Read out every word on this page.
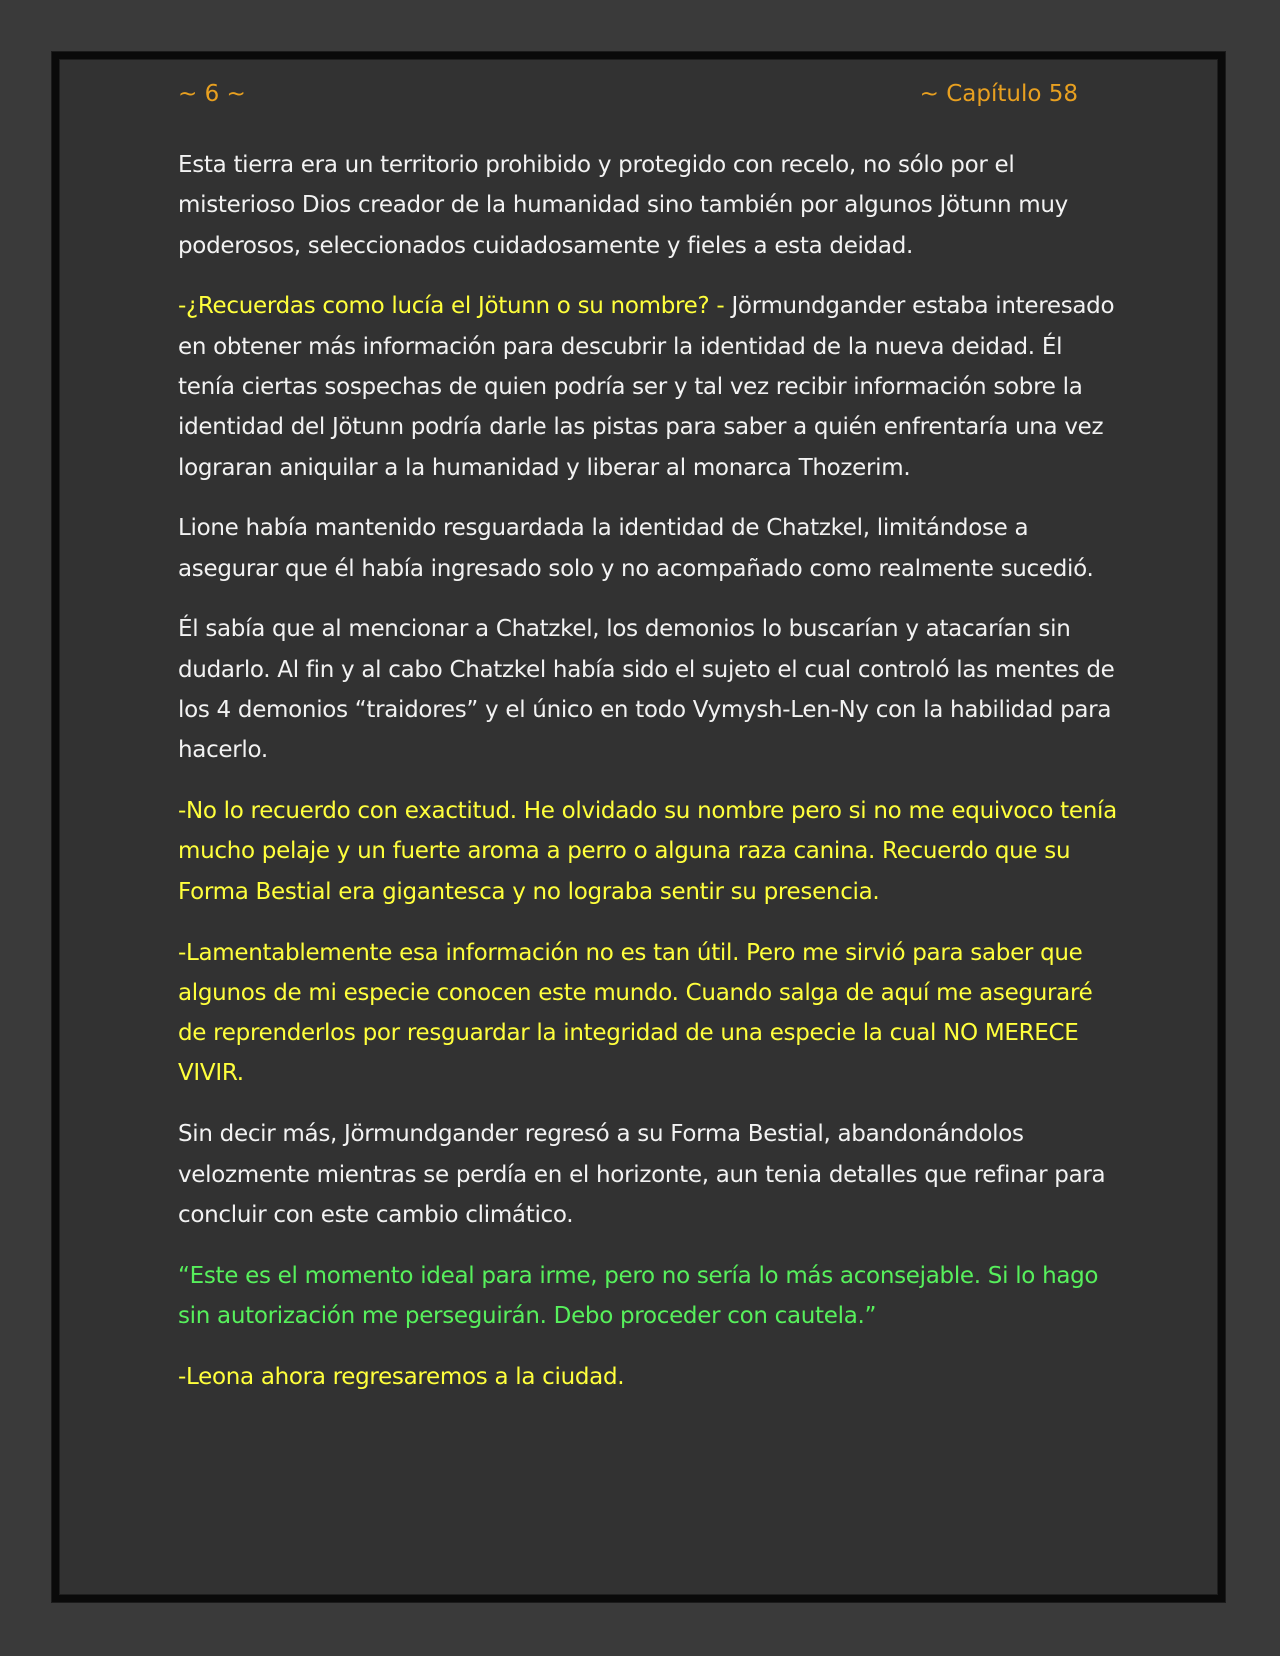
~ 6 ~	~ Capítulo 58

Esta tierra era un territorio prohibido y protegido con recelo, no sólo por el misterioso Dios creador de la humanidad sino también por algunos Jötunn muy poderosos, seleccionados cuidadosamente y fieles a esta deidad.

-¿Recuerdas como lucía el Jötunn o su nombre? - Jörmundgander estaba interesado en obtener más información para descubrir la identidad de la nueva deidad. Él tenía ciertas sospechas de quien podría ser y tal vez recibir información sobre la identidad del Jötunn podría darle las pistas para saber a quién enfrentaría una vez lograran aniquilar a la humanidad y liberar al monarca Thozerim.

Lione había mantenido resguardada la identidad de Chatzkel, limitándose a asegurar que él había ingresado solo y no acompañado como realmente sucedió.

Él sabía que al mencionar a Chatzkel, los demonios lo buscarían y atacarían sin dudarlo. Al fin y al cabo Chatzkel había sido el sujeto el cual controló las mentes de los 4 demonios “traidores” y el único en todo Vymysh-Len-Ny con la habilidad para hacerlo.

-No lo recuerdo con exactitud. He olvidado su nombre pero si no me equivoco tenía mucho pelaje y un fuerte aroma a perro o alguna raza canina. Recuerdo que su Forma Bestial era gigantesca y no lograba sentir su presencia.

-Lamentablemente esa información no es tan útil. Pero me sirvió para saber que algunos de mi especie conocen este mundo. Cuando salga de aquí me aseguraré de reprenderlos por resguardar la integridad de una especie la cual NO MERECE VIVIR.

Sin decir más, Jörmundgander regresó a su Forma Bestial, abandonándolos velozmente mientras se perdía en el horizonte, aun tenia detalles que refinar para concluir con este cambio climático.

“Este es el momento ideal para irme, pero no sería lo más aconsejable. Si lo hago sin autorización me perseguirán. Debo proceder con cautela.”

-Leona ahora regresaremos a la ciudad.
